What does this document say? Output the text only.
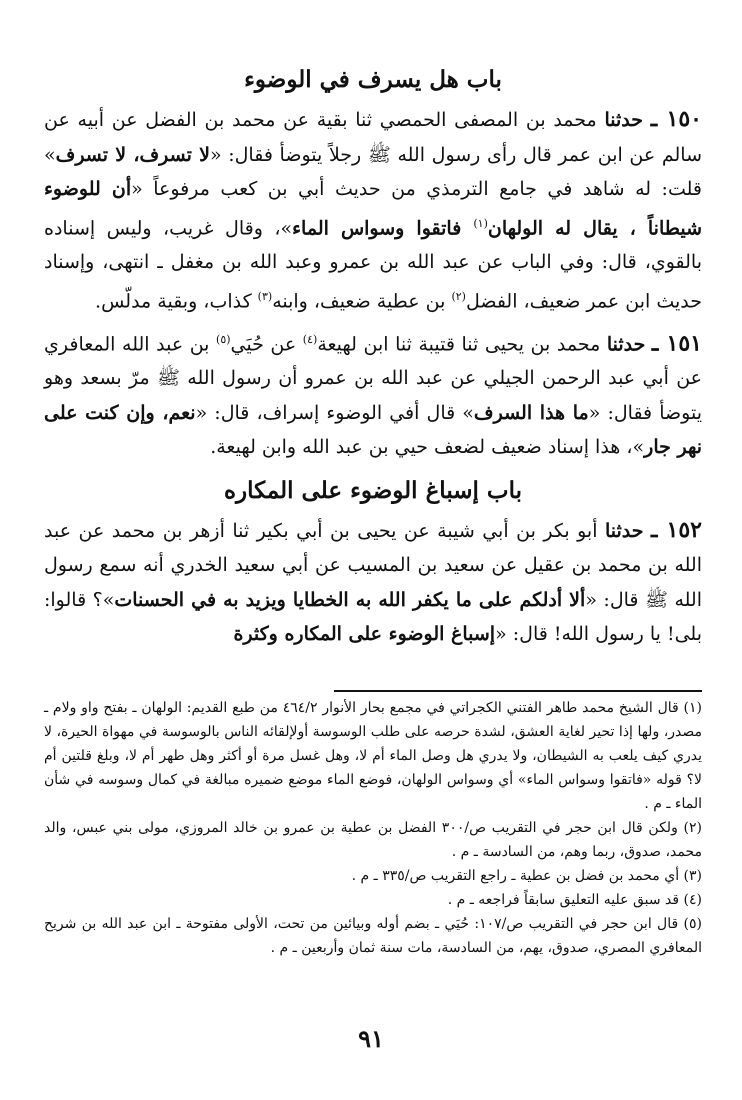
باب هل يسرف في الوضوء

١٥٠ ـ حدثنا محمد بن المصفى الحمصي ثنا بقية عن محمد بن الفضل عن أبيه عن سالم عن ابن عمر قال رأى رسول الله ﷺ رجلاً يتوضأ فقال: «لا تسرف، لا تسرف» قلت: له شاهد في جامع الترمذي من حديث أبي بن كعب مرفوعاً «أن للوضوء شيطاناً ، يقال له الولهان$^{(١)}$ فاتقوا وسواس الماء»، وقال غريب، وليس إسناده بالقوي، قال: وفي الباب عن عبد الله بن عمرو وعبد الله بن مغفل ـ انتهى، وإسناد حديث ابن عمر ضعيف، الفضل$^{(٢)}$ بن عطية ضعيف، وابنه$^{(٣)}$ كذاب، وبقية مدلّس.

١٥١ ـ حدثنا محمد بن يحيى ثنا قتيبة ثنا ابن لهيعة$^{(٤)}$ عن حُيَي$^{(٥)}$ بن عبد الله المعافري عن أبي عبد الرحمن الجيلي عن عبد الله بن عمرو أن رسول الله ﷺ مرّ بسعد وهو يتوضأ فقال: «ما هذا السرف» قال أفي الوضوء إسراف، قال: «نعم، وإن كنت على نهر جار»، هذا إسناد ضعيف لضعف حيي بن عبد الله وابن لهيعة.

باب إسباغ الوضوء على المكاره

١٥٢ ـ حدثنا أبو بكر بن أبي شيبة عن يحيى بن أبي بكير ثنا أزهر بن محمد عن عبد الله بن محمد بن عقيل عن سعيد بن المسيب عن أبي سعيد الخدري أنه سمع رسول الله ﷺ قال: «ألا أدلكم على ما يكفر الله به الخطايا ويزيد به في الحسنات»؟ قالوا: بلى! يا رسول الله! قال: «إسباغ الوضوء على المكاره وكثرة

(١) قال الشيخ محمد طاهر الفتني الكجراتي في مجمع بحار الأنوار ٤٦٤/٢ من طبع القديم: الولهان ـ بفتح واو ولام ـ مصدر، ولها إذا تحير لغاية العشق، لشدة حرصه على طلب الوسوسة أولإلقائه الناس بالوسوسة في مهواة الحيرة، لا يدري كيف يلعب به الشيطان، ولا يدري هل وصل الماء أم لا، وهل غسل مرة أو أكثر وهل طهر أم لا، وبلغ قلتين أم لا؟ قوله «فاتقوا وسواس الماء» أي وسواس الولهان، فوضع الماء موضع ضميره مبالغة في كمال وسوسه في شأن الماء ـ م .

(٢) ولكن قال ابن حجر في التقريب ص/٣٠٠ الفضل بن عطية بن عمرو بن خالد المروزي، مولى بني عبس، والد محمد، صدوق، ربما وهم، من السادسة ـ م .

(٣) أي محمد بن فضل بن عطية ـ راجع التقريب ص/٣٣٥ ـ م .

(٤) قد سبق عليه التعليق سابقاً فراجعه ـ م .

(٥) قال ابن حجر في التقريب ص/١٠٧: حُيَي ـ بضم أوله وبيائين من تحت، الأولى مفتوحة ـ ابن عبد الله بن شريح المعافري المصري، صدوق، يهم، من السادسة، مات سنة ثمان وأربعين ـ م .

٩١
